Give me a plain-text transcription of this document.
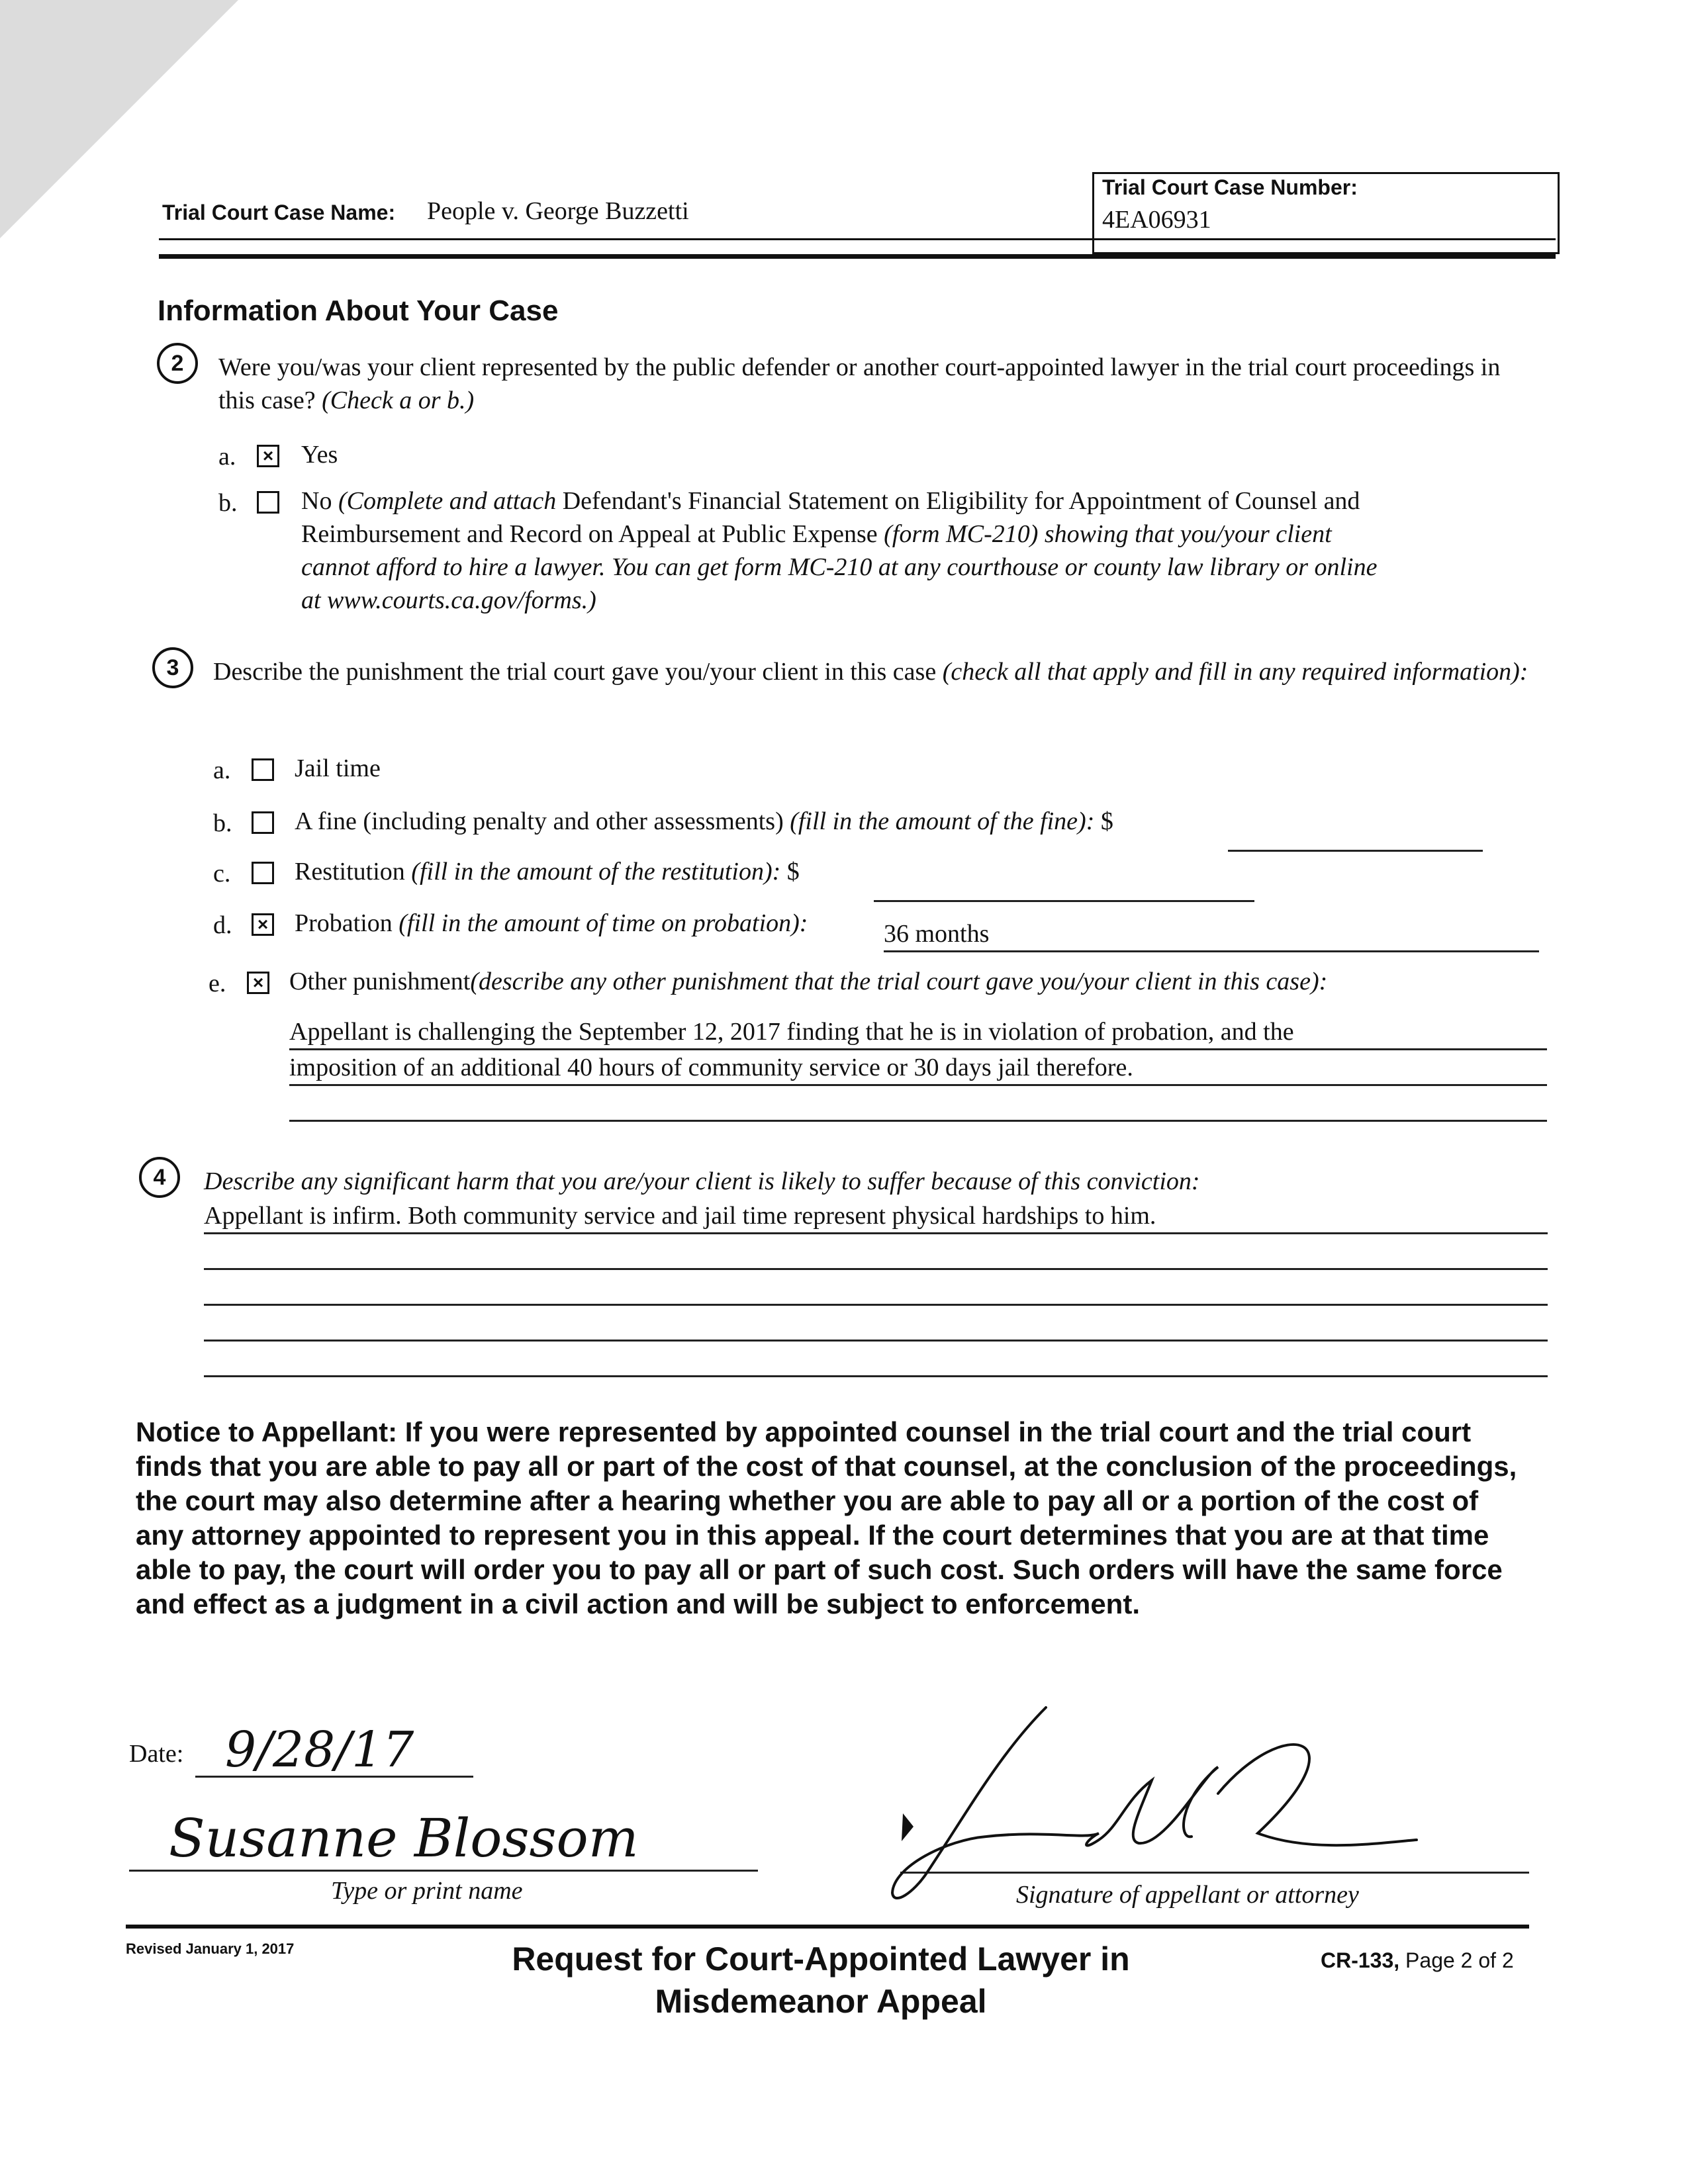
Trial Court Case Name: People v. George Buzzetti
Trial Court Case Number:
4EA06931
Information About Your Case
2	Were you/was your client represented by the public defender or another court-appointed lawyer in the trial court proceedings in this case? (Check a or b.)
a.	× Yes
b.	No (Complete and attach Defendant's Financial Statement on Eligibility for Appointment of Counsel and
Reimbursement and Record on Appeal at Public Expense (form MC-210) showing that you/your client
cannot afford to hire a lawyer. You can get form MC-210 at any courthouse or county law library or online
at www.courts.ca.gov/forms.)
3	Describe the punishment the trial court gave you/your client in this case (check all that apply and fill in any required information):
a.	Jail time
b. A fine (including penalty and other assessments) (fill in the amount of the fine): $
c.	Restitution (fill in the amount of the restitution): $
d.	× Probation (fill in the amount of time on probation):	36 months
e.	× Other punishment(describe any other punishment that the trial court gave you/your client in this case):
Appellant is challenging the September 12, 2017 finding that he is in violation of probation, and the
imposition of an additional 40 hours of community service or 30 days jail therefore.
4	Describe any significant harm that you are/your client is likely to suffer because of this conviction:
Appellant is infirm. Both community service and jail time represent physical hardships to him.
Notice to Appellant: If you were represented by appointed counsel in the trial court and the trial court finds that you are able to pay all or part of the cost of that counsel, at the conclusion of the proceedings, the court may also determine after a hearing whether you are able to pay all or a portion of the cost of any attorney appointed to represent you in this appeal. If the court determines that you are at that time able to pay, the court will order you to pay all or part of such cost. Such orders will have the same force and effect as a judgment in a civil action and will be subject to enforcement.
Date: 9/28/17
Susanne Blossom
Type or print name	Signature of appellant or attorney
Revised January 1, 2017	Request for Court-Appointed Lawyer in
Misdemeanor Appeal
CR-133, Page 2 of 2
